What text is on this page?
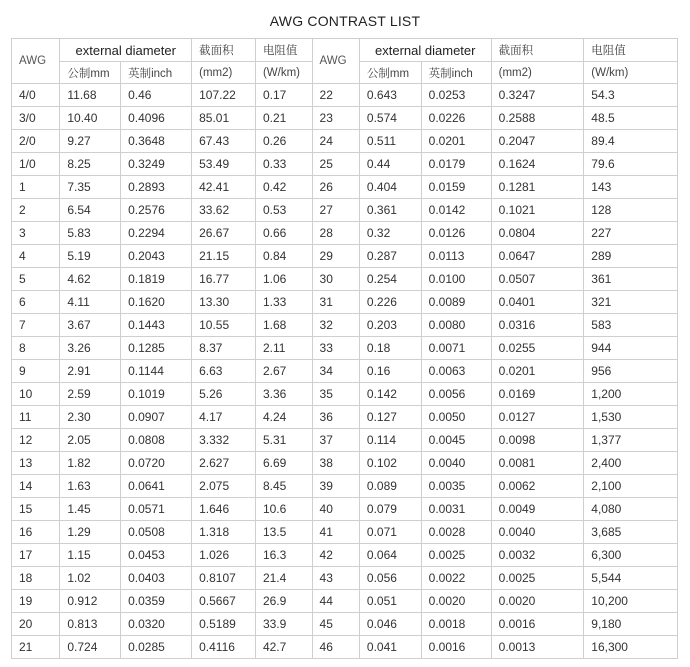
AWG CONTRAST LIST
AWG	external diameter		截面积	电阻值	AWG	external diameter		截面积	电阻值
	公制mm	英制inch	(mm2)	(W/km)		公制mm	英制inch	(mm2)	(W/km)
4/0	11.68	0.46	107.22	0.17	22	0.643	0.0253	0.3247	54.3
3/0	10.40	0.4096	85.01	0.21	23	0.574	0.0226	0.2588	48.5
2/0	9.27	0.3648	67.43	0.26	24	0.511	0.0201	0.2047	89.4
1/0	8.25	0.3249	53.49	0.33	25	0.44	0.0179	0.1624	79.6
1	7.35	0.2893	42.41	0.42	26	0.404	0.0159	0.1281	143
2	6.54	0.2576	33.62	0.53	27	0.361	0.0142	0.1021	128
3	5.83	0.2294	26.67	0.66	28	0.32	0.0126	0.0804	227
4	5.19	0.2043	21.15	0.84	29	0.287	0.0113	0.0647	289
5	4.62	0.1819	16.77	1.06	30	0.254	0.0100	0.0507	361
6	4.11	0.1620	13.30	1.33	31	0.226	0.0089	0.0401	321
7	3.67	0.1443	10.55	1.68	32	0.203	0.0080	0.0316	583
8	3.26	0.1285	8.37	2.11	33	0.18	0.0071	0.0255	944
9	2.91	0.1144	6.63	2.67	34	0.16	0.0063	0.0201	956
10	2.59	0.1019	5.26	3.36	35	0.142	0.0056	0.0169	1,200
11	2.30	0.0907	4.17	4.24	36	0.127	0.0050	0.0127	1,530
12	2.05	0.0808	3.332	5.31	37	0.114	0.0045	0.0098	1,377
13	1.82	0.0720	2.627	6.69	38	0.102	0.0040	0.0081	2,400
14	1.63	0.0641	2.075	8.45	39	0.089	0.0035	0.0062	2,100
15	1.45	0.0571	1.646	10.6	40	0.079	0.0031	0.0049	4,080
16	1.29	0.0508	1.318	13.5	41	0.071	0.0028	0.0040	3,685
17	1.15	0.0453	1.026	16.3	42	0.064	0.0025	0.0032	6,300
18	1.02	0.0403	0.8107	21.4	43	0.056	0.0022	0.0025	5,544
19	0.912	0.0359	0.5667	26.9	44	0.051	0.0020	0.0020	10,200
20	0.813	0.0320	0.5189	33.9	45	0.046	0.0018	0.0016	9,180
21	0.724	0.0285	0.4116	42.7	46	0.041	0.0016	0.0013	16,300
